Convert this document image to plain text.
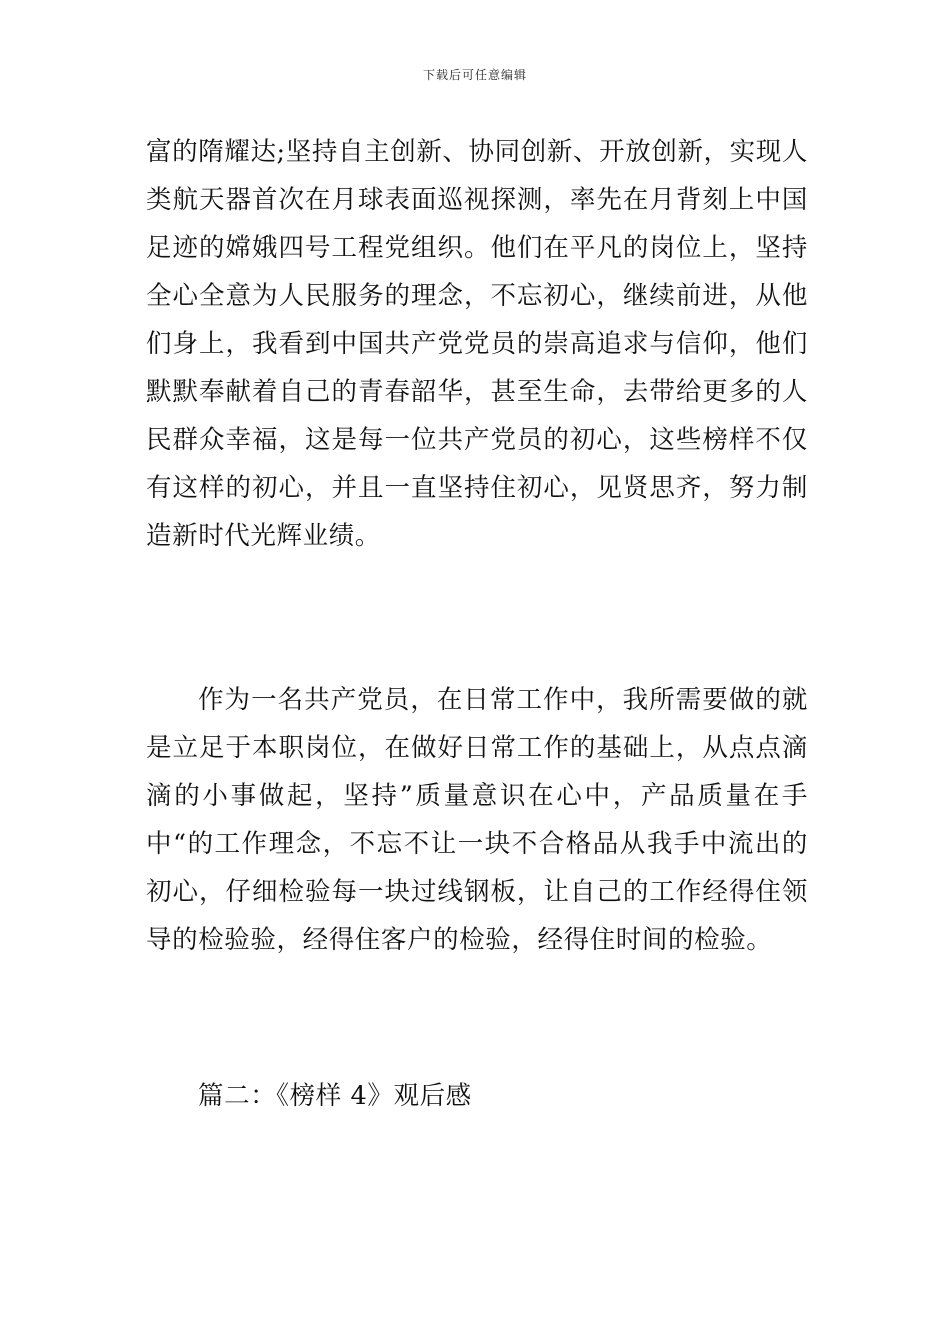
下载后可任意编辑

富的隋耀达;坚持自主创新、协同创新、开放创新，实现人类航天器首次在月球表面巡视探测，率先在月背刻上中国足迹的嫦娥四号工程党组织。他们在平凡的岗位上，坚持全心全意为人民服务的理念，不忘初心，继续前进，从他们身上，我看到中国共产党党员的崇高追求与信仰，他们默默奉献着自己的青春韶华，甚至生命，去带给更多的人民群众幸福，这是每一位共产党员的初心，这些榜样不仅有这样的初心，并且一直坚持住初心，见贤思齐，努力制造新时代光辉业绩。

作为一名共产党员，在日常工作中，我所需要做的就是立足于本职岗位，在做好日常工作的基础上，从点点滴滴的小事做起，坚持”质量意识在心中，产品质量在手中“的工作理念，不忘不让一块不合格品从我手中流出的初心，仔细检验每一块过线钢板，让自己的工作经得住领导的检验验，经得住客户的检验，经得住时间的检验。

篇二：《榜样 4》观后感
